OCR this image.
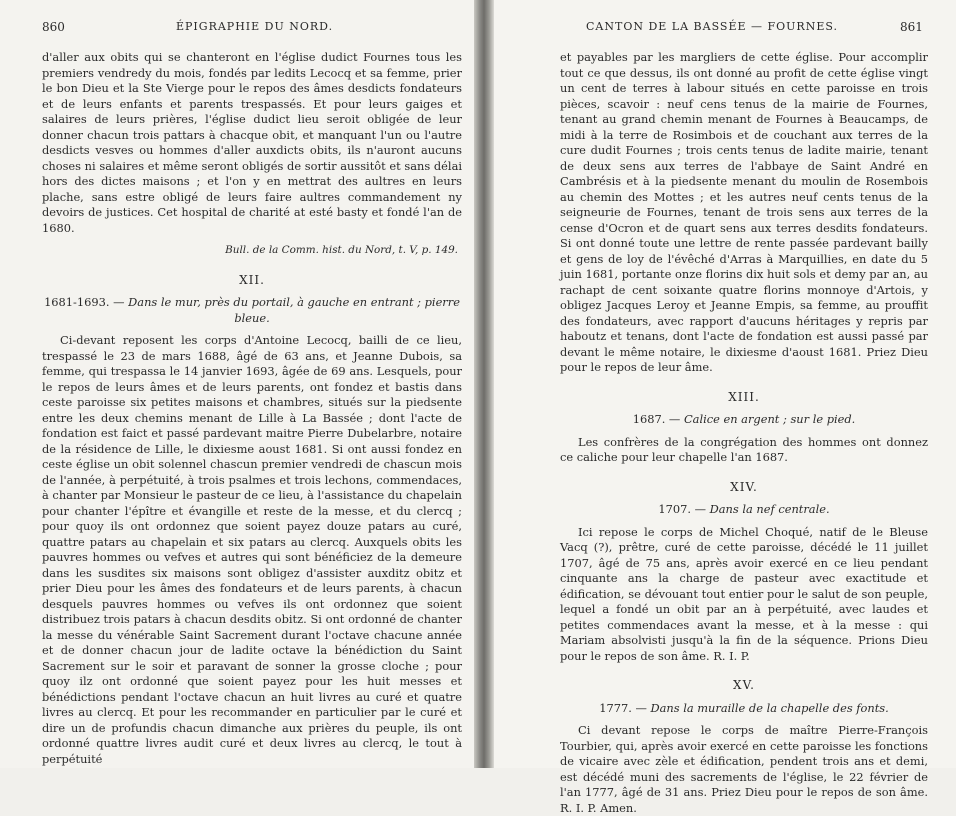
860	ÉPIGRAPHIE DU NORD.

d'aller aux obits qui se chanteront en l'église dudict Fournes tous les premiers vendredy du mois, fondés par ledits Lecocq et sa femme, prier le bon Dieu et la Ste Vierge pour le repos des âmes desdicts fondateurs et de leurs enfants et parents trespassés. Et pour leurs gaiges et salaires de leurs prières, l'église dudict lieu seroit obligée de leur donner chacun trois pattars à chacque obit, et manquant l'un ou l'autre desdicts vesves ou hommes d'aller auxdicts obits, ils n'auront aucuns choses ni salaires et même seront obligés de sortir aussitôt et sans délai hors des dictes maisons ; et l'on y en mettrat des aultres en leurs plache, sans estre obligé de leurs faire aultres commandement ny devoirs de justices. Cet hospital de charité at esté basty et fondé l'an de 1680.

Bull. de la Comm. hist. du Nord, t. V, p. 149.

XII.

1681-1693. — Dans le mur, près du portail, à gauche en entrant ; pierre bleue.

Ci-devant reposent les corps d'Antoine Lecocq, bailli de ce lieu, trespassé le 23 de mars 1688, âgé de 63 ans, et Jeanne Dubois, sa femme, qui trespassa le 14 janvier 1693, âgée de 69 ans. Lesquels, pour le repos de leurs âmes et de leurs parents, ont fondez et bastis dans ceste paroisse six petites maisons et chambres, situés sur la piedsente entre les deux chemins menant de Lille à La Bassée ; dont l'acte de fondation est faict et passé pardevant maitre Pierre Dubelarbre, notaire de la résidence de Lille, le dixiesme aoust 1681. Si ont aussi fondez en ceste église un obit solennel chascun premier vendredi de chascun mois de l'année, à perpétuité, à trois psalmes et trois lechons, commendaces, à chanter par Monsieur le pasteur de ce lieu, à l'assistance du chapelain pour chanter l'épître et évangille et reste de la messe, et du clercq ; pour quoy ils ont ordonnez que soient payez douze patars au curé, quattre patars au chapelain et six patars au clercq. Auxquels obits les pauvres hommes ou vefves et autres qui sont bénéficiez de la demeure dans les susdites six maisons sont obligez d'assister auxditz obitz et prier Dieu pour les âmes des fondateurs et de leurs parents, à chacun desquels pauvres hommes ou vefves ils ont ordonnez que soient distribuez trois patars à chacun desdits obitz. Si ont ordonné de chanter la messe du vénérable Saint Sacrement durant l'octave chacune année et de donner chacun jour de ladite octave la bénédiction du Saint Sacrement sur le soir et paravant de sonner la grosse cloche ; pour quoy ilz ont ordonné que soient payez pour les huit messes et bénédictions pendant l'octave chacun an huit livres au curé et quatre livres au clercq. Et pour les recommander en particulier par le curé et dire un de profundis chacun dimanche aux prières du peuple, ils ont ordonné quattre livres audit curé et deux livres au clercq, le tout à perpétuité

CANTON DE LA BASSÉE — FOURNES.	861

et payables par les margliers de cette église. Pour accomplir tout ce que dessus, ils ont donné au profit de cette église vingt un cent de terres à labour situés en cette paroisse en trois pièces, scavoir : neuf cens tenus de la mairie de Fournes, tenant au grand chemin menant de Fournes à Beaucamps, de midi à la terre de Rosimbois et de couchant aux terres de la cure dudit Fournes ; trois cents tenus de ladite mairie, tenant de deux sens aux terres de l'abbaye de Saint André en Cambrésis et à la piedsente menant du moulin de Rosembois au chemin des Mottes ; et les autres neuf cents tenus de la seigneurie de Fournes, tenant de trois sens aux terres de la cense d'Ocron et de quart sens aux terres desdits fondateurs. Si ont donné toute une lettre de rente passée pardevant bailly et gens de loy de l'évêché d'Arras à Marquillies, en date du 5 juin 1681, portante onze florins dix huit sols et demy par an, au rachapt de cent soixante quatre florins monnoye d'Artois, y obligez Jacques Leroy et Jeanne Empis, sa femme, au prouffit des fondateurs, avec rapport d'aucuns héritages y repris par haboutz et tenans, dont l'acte de fondation est aussi passé par devant le même notaire, le dixiesme d'aoust 1681. Priez Dieu pour le repos de leur âme.

XIII.

1687. — Calice en argent ; sur le pied.

Les confrères de la congrégation des hommes ont donnez ce caliche pour leur chapelle l'an 1687.

XIV.

1707. — Dans la nef centrale.

Ici repose le corps de Michel Choqué, natif de le Bleuse Vacq (?), prêtre, curé de cette paroisse, décédé le 11 juillet 1707, âgé de 75 ans, après avoir exercé en ce lieu pendant cinquante ans la charge de pasteur avec exactitude et édification, se dévouant tout entier pour le salut de son peuple, lequel a fondé un obit par an à perpétuité, avec laudes et petites commendaces avant la messe, et à la messe : qui Mariam absolvisti jusqu'à la fin de la séquence. Prions Dieu pour le repos de son âme. R. I. P.

XV.

1777. — Dans la muraille de la chapelle des fonts.

Ci devant repose le corps de maître Pierre-François Tourbier, qui, après avoir exercé en cette paroisse les fonctions de vicaire avec zèle et édification, pendent trois ans et demi, est décédé muni des sacrements de l'église, le 22 février de l'an 1777, âgé de 31 ans. Priez Dieu pour le repos de son âme. R. I. P. Amen.
